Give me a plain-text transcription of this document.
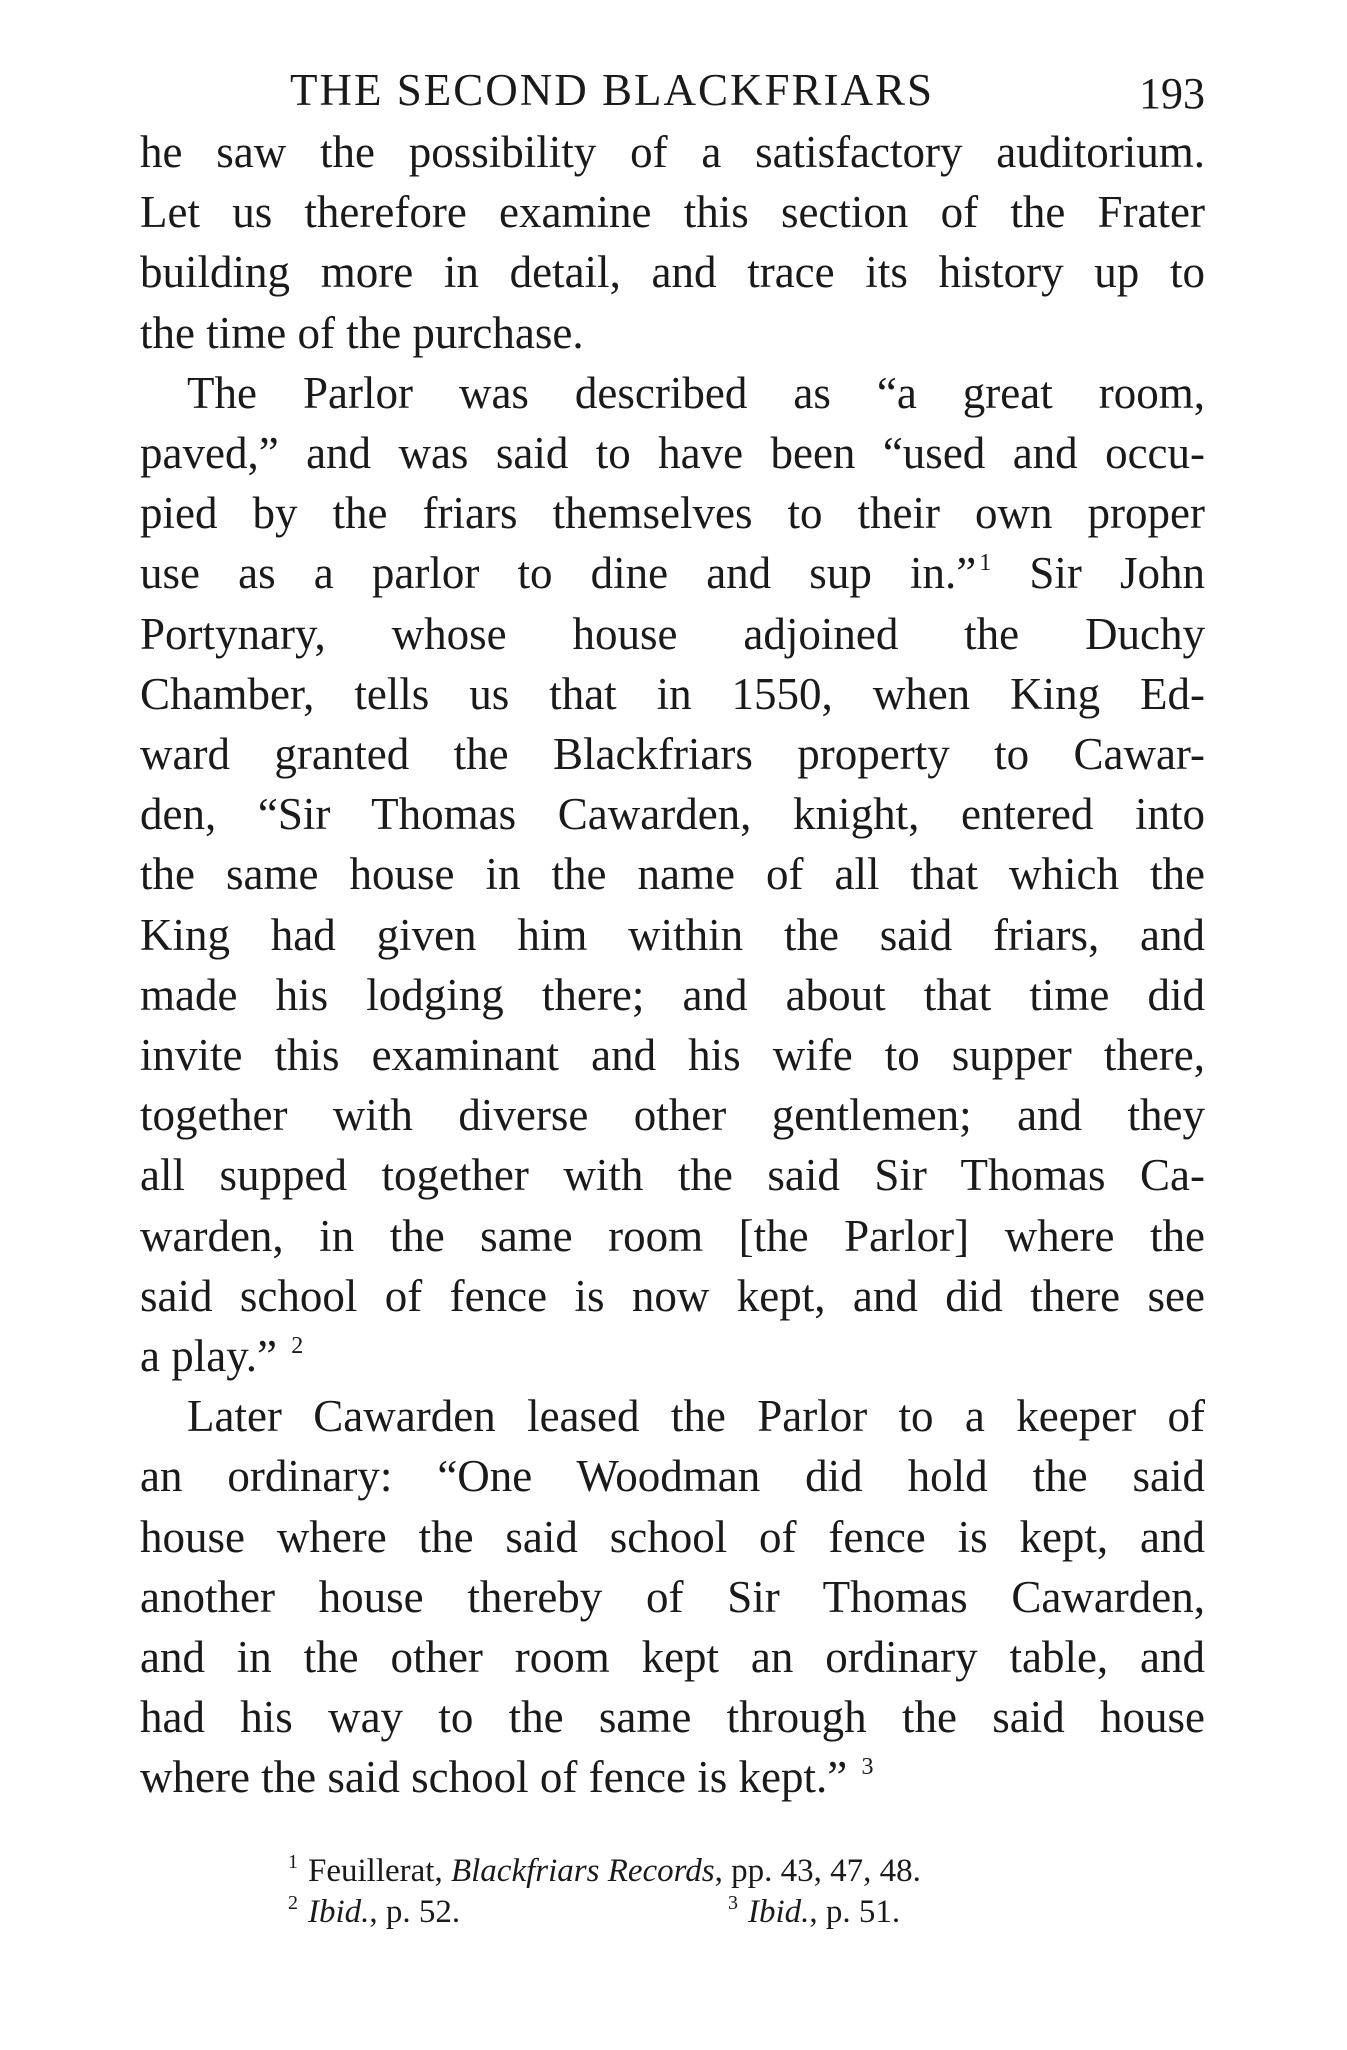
THE SECOND BLACKFRIARS	193
he saw the possibility of a satisfactory auditorium.
Let us therefore examine this section of the Frater
building more in detail, and trace its history up to
the time of the purchase.
The Parlor was described as “a great room,
paved,” and was said to have been “used and occu-
pied by the friars themselves to their own proper
use as a parlor to dine and sup in.” $^1$ Sir John
Portynary, whose house adjoined the Duchy
Chamber, tells us that in 1550, when King Ed-
ward granted the Blackfriars property to Cawar-
den, “Sir Thomas Cawarden, knight, entered into
the same house in the name of all that which the
King had given him within the said friars, and
made his lodging there; and about that time did
invite this examinant and his wife to supper there,
together with diverse other gentlemen; and they
all supped together with the said Sir Thomas Ca-
warden, in the same room [the Parlor] where the
said school of fence is now kept, and did there see
a play.” $^2$
Later Cawarden leased the Parlor to a keeper of
an ordinary: “One Woodman did hold the said
house where the said school of fence is kept, and
another house thereby of Sir Thomas Cawarden,
and in the other room kept an ordinary table, and
had his way to the same through the said house
where the said school of fence is kept.” $^3$
$^1$ Feuillerat, Blackfriars Records, pp. 43, 47, 48.
$^2$ Ibid., p. 52.	$^3$ Ibid., p. 51.
